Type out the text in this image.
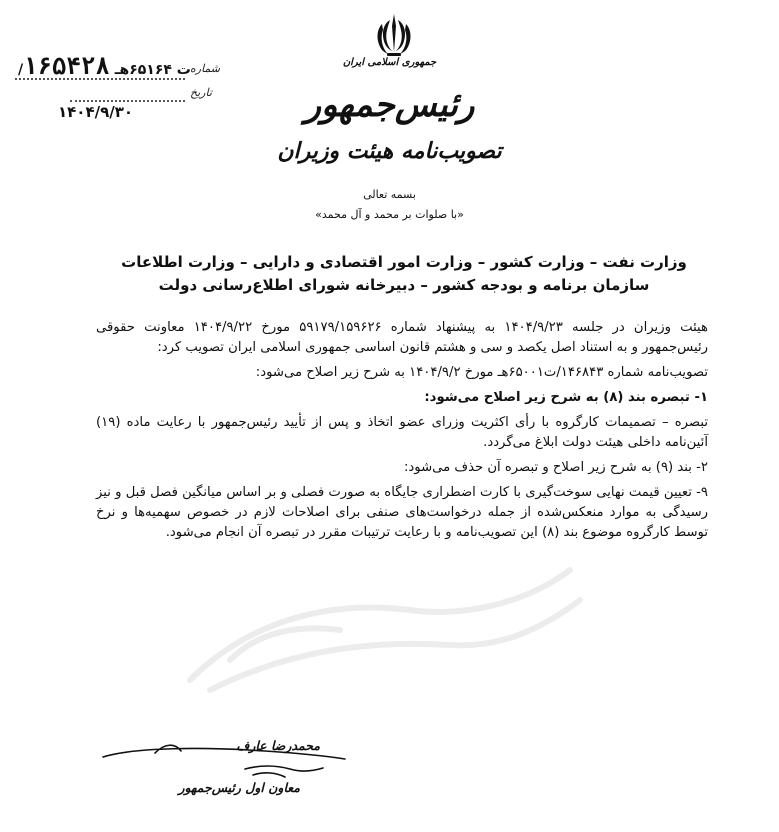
/ت ۶۵۱۶۴هـ ۱۶۵۴۲۸	شماره
تاریخ
۱۴۰۴/۹/۳۰
جمهوری اسلامی ایران
رئیس‌جمهور
تصویب‌نامه هیئت وزیران
بسمه تعالی
«با صلوات بر محمد و آل محمد»
وزارت نفت – وزارت کشور – وزارت امور اقتصادی و دارایی – وزارت اطلاعات
سازمان برنامه و بودجه کشور – دبیرخانه شورای اطلاع‌رسانی دولت

هیئت وزیران در جلسه ۱۴۰۴/۹/۲۳ به پیشنهاد شماره ۵۹۱۷۹/۱۵۹۶۲۶ مورخ ۱۴۰۴/۹/۲۲ معاونت حقوقی رئیس‌جمهور و به استناد اصل یکصد و سی و هشتم قانون اساسی جمهوری اسلامی ایران تصویب کرد:

تصویب‌نامه شماره ۱۴۶۸۴۳/ت۶۵۰۰۱هـ مورخ ۱۴۰۴/۹/۲ به شرح زیر اصلاح می‌شود:

۱- تبصره بند (۸) به شرح زیر اصلاح می‌شود:

تبصره – تصمیمات کارگروه با رأی اکثریت وزرای عضو اتخاذ و پس از تأیید رئیس‌جمهور با رعایت ماده (۱۹) آئین‌نامه داخلی هیئت دولت ابلاغ می‌گردد.

۲- بند (۹) به شرح زیر اصلاح و تبصره آن حذف می‌شود:

۹- تعیین قیمت نهایی سوخت‌گیری با کارت اضطراری جایگاه به صورت فصلی و بر اساس میانگین فصل قبل و نیز رسیدگی به موارد منعکس‌شده از جمله درخواست‌های صنفی برای اصلاحات لازم در خصوص سهمیه‌ها و نرخ توسط کارگروه موضوع بند (۸) این تصویب‌نامه و با رعایت ترتیبات مقرر در تبصره آن انجام می‌شود.

محمدرضا عارف
معاون اول رئیس‌جمهور
